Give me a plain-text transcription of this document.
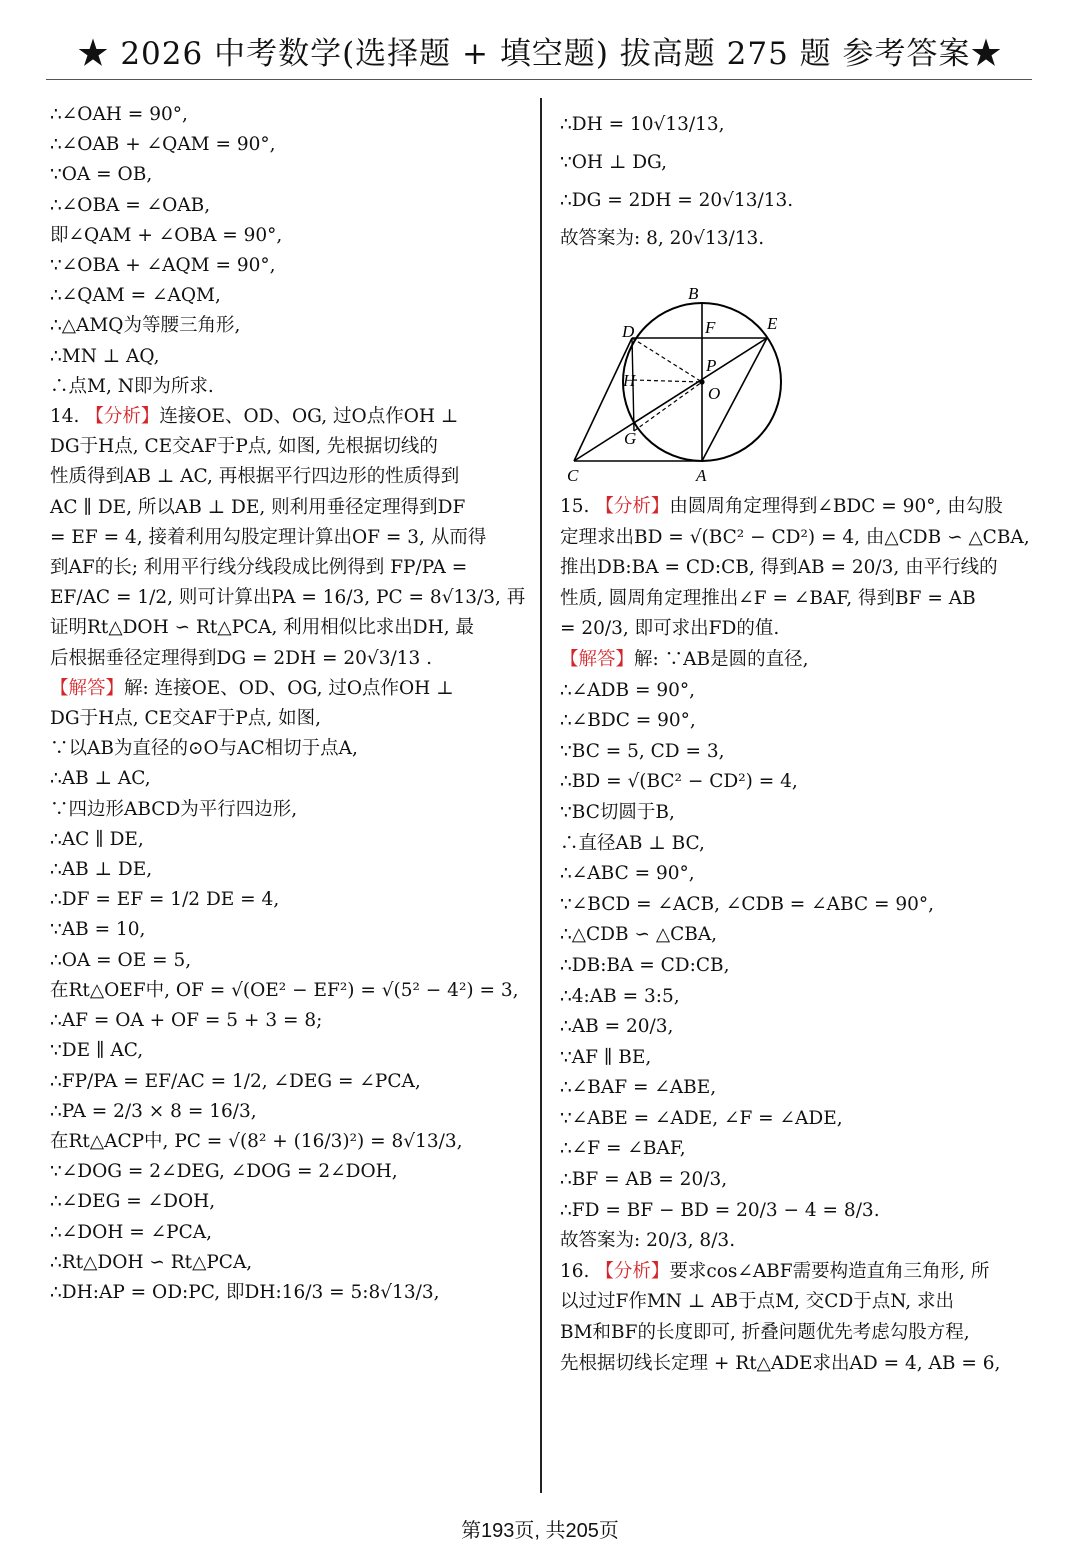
★ 2026 中考数学(选择题 + 填空题) 拔高题 275 题 参考答案★
∴∠OAH = 90°,
∴∠OAB + ∠QAM = 90°,
∵OA = OB,
∴∠OBA = ∠OAB,
即∠QAM + ∠OBA = 90°,
∵∠OBA + ∠AQM = 90°,
∴∠QAM = ∠AQM,
∴△AMQ为等腰三角形,
∴MN ⊥ AQ,
∴点M, N即为所求.
14. 【分析】连接OE、OD、OG, 过O点作OH ⊥
DG于H点, CE交AF于P点, 如图, 先根据切线的
性质得到AB ⊥ AC, 再根据平行四边形的性质得到
AC ∥ DE, 所以AB ⊥ DE, 则利用垂径定理得到DF
= EF = 4, 接着利用勾股定理计算出OF = 3, 从而得
到AF的长; 利用平行线分线段成比例得到 FP/PA =
EF/AC = 1/2, 则可计算出PA = 16/3, PC = 8√13/3, 再
证明Rt△DOH ∽ Rt△PCA, 利用相似比求出DH, 最
后根据垂径定理得到DG = 2DH = 20√3/13 .
【解答】解: 连接OE、OD、OG, 过O点作OH ⊥
DG于H点, CE交AF于P点, 如图,
∵以AB为直径的⊙O与AC相切于点A,
∴AB ⊥ AC,
∵四边形ABCD为平行四边形,
∴AC ∥ DE,
∴AB ⊥ DE,
∴DF = EF = 1/2 DE = 4,
∵AB = 10,
∴OA = OE = 5,
在Rt△OEF中, OF = √(OE² − EF²) = √(5² − 4²) = 3,
∴AF = OA + OF = 5 + 3 = 8;
∵DE ∥ AC,
∴FP/PA = EF/AC = 1/2, ∠DEG = ∠PCA,
∴PA = 2/3 × 8 = 16/3,
在Rt△ACP中, PC = √(8² + (16/3)²) = 8√13/3,
∵∠DOG = 2∠DEG, ∠DOG = 2∠DOH,
∴∠DEG = ∠DOH,
∴∠DOH = ∠PCA,
∴Rt△DOH ∽ Rt△PCA,
∴DH:AP = OD:PC, 即DH:16/3 = 5:8√13/3,
∴DH = 10√13/13,
∵OH ⊥ DG,
∴DG = 2DH = 20√13/13.
故答案为: 8, 20√13/13.
B
F	E
D
P
H
O
G
C	A
15. 【分析】由圆周角定理得到∠BDC = 90°, 由勾股
定理求出BD = √(BC² − CD²) = 4, 由△CDB ∽ △CBA,
推出DB:BA = CD:CB, 得到AB = 20/3, 由平行线的
性质, 圆周角定理推出∠F = ∠BAF, 得到BF = AB
= 20/3, 即可求出FD的值.
【解答】解: ∵AB是圆的直径,
∴∠ADB = 90°,
∴∠BDC = 90°,
∵BC = 5, CD = 3,
∴BD = √(BC² − CD²) = 4,
∵BC切圆于B,
∴直径AB ⊥ BC,
∴∠ABC = 90°,
∵∠BCD = ∠ACB, ∠CDB = ∠ABC = 90°,
∴△CDB ∽ △CBA,
∴DB:BA = CD:CB,
∴4:AB = 3:5,
∴AB = 20/3,
∵AF ∥ BE,
∴∠BAF = ∠ABE,
∵∠ABE = ∠ADE, ∠F = ∠ADE,
∴∠F = ∠BAF,
∴BF = AB = 20/3,
∴FD = BF − BD = 20/3 − 4 = 8/3.
故答案为: 20/3, 8/3.
16. 【分析】要求cos∠ABF需要构造直角三角形, 所
以过过F作MN ⊥ AB于点M, 交CD于点N, 求出
BM和BF的长度即可, 折叠问题优先考虑勾股方程,
先根据切线长定理 + Rt△ADE求出AD = 4, AB = 6,
第193页, 共205页
